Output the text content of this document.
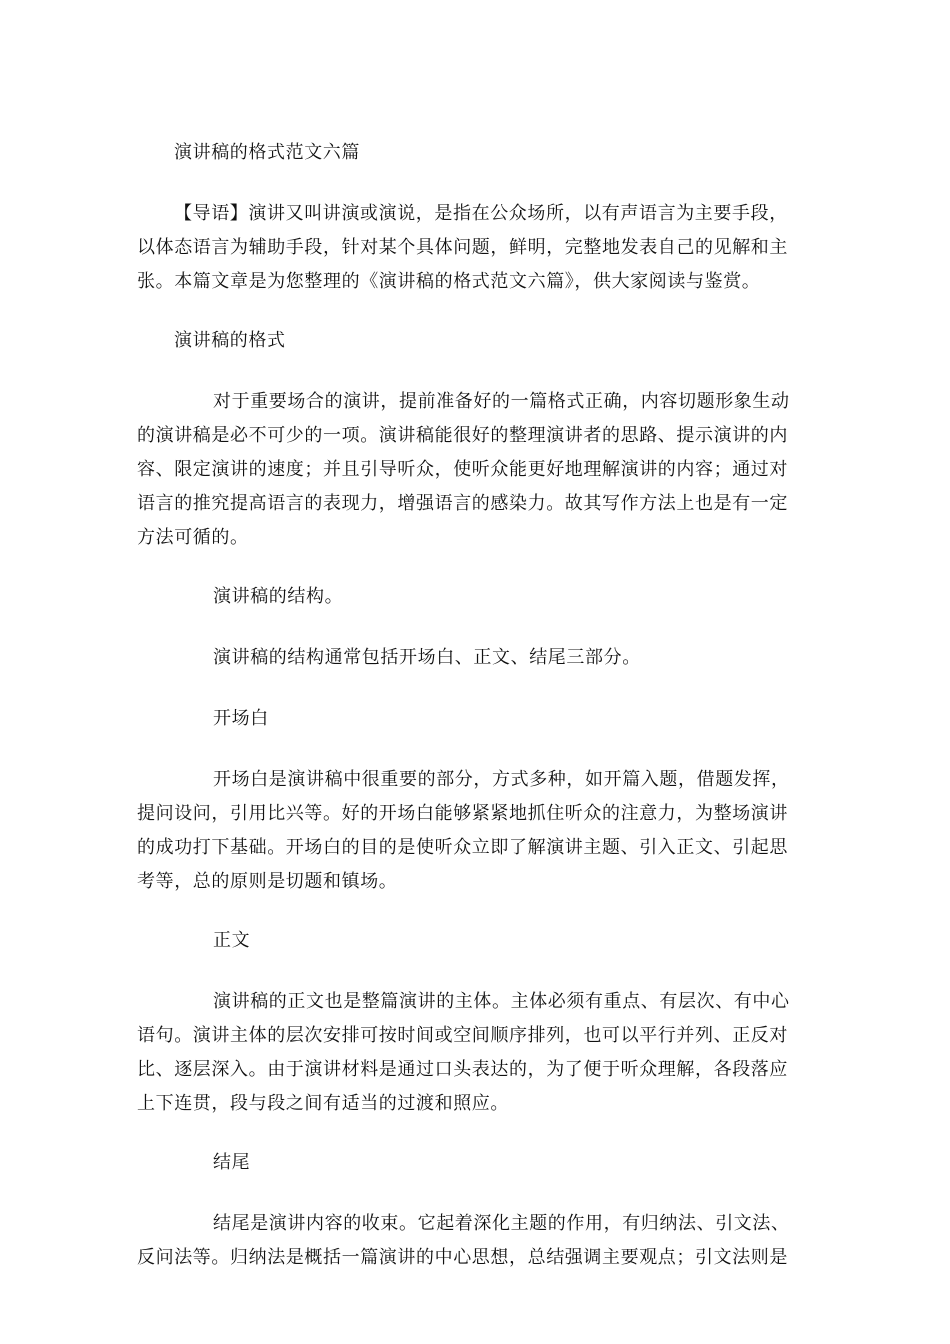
演讲稿的格式范文六篇
【导语】演讲又叫讲演或演说，是指在公众场所，以有声语言为主要手段，
以体态语言为辅助手段，针对某个具体问题，鲜明，完整地发表自己的见解和主
张。本篇文章是为您整理的《演讲稿的格式范文六篇》，供大家阅读与鉴赏。
演讲稿的格式
对于重要场合的演讲，提前准备好的一篇格式正确，内容切题形象生动
的演讲稿是必不可少的一项。演讲稿能很好的整理演讲者的思路、提示演讲的内
容、限定演讲的速度；并且引导听众，使听众能更好地理解演讲的内容；通过对
语言的推究提高语言的表现力，增强语言的感染力。故其写作方法上也是有一定
方法可循的。
演讲稿的结构。
演讲稿的结构通常包括开场白、正文、结尾三部分。
开场白
开场白是演讲稿中很重要的部分，方式多种，如开篇入题，借题发挥，
提问设问，引用比兴等。好的开场白能够紧紧地抓住听众的注意力，为整场演讲
的成功打下基础。开场白的目的是使听众立即了解演讲主题、引入正文、引起思
考等，总的原则是切题和镇场。
正文
演讲稿的正文也是整篇演讲的主体。主体必须有重点、有层次、有中心
语句。演讲主体的层次安排可按时间或空间顺序排列，也可以平行并列、正反对
比、逐层深入。由于演讲材料是通过口头表达的，为了便于听众理解，各段落应
上下连贯，段与段之间有适当的过渡和照应。
结尾
结尾是演讲内容的收束。它起着深化主题的作用，有归纳法、引文法、
反问法等。归纳法是概括一篇演讲的中心思想，总结强调主要观点；引文法则是
